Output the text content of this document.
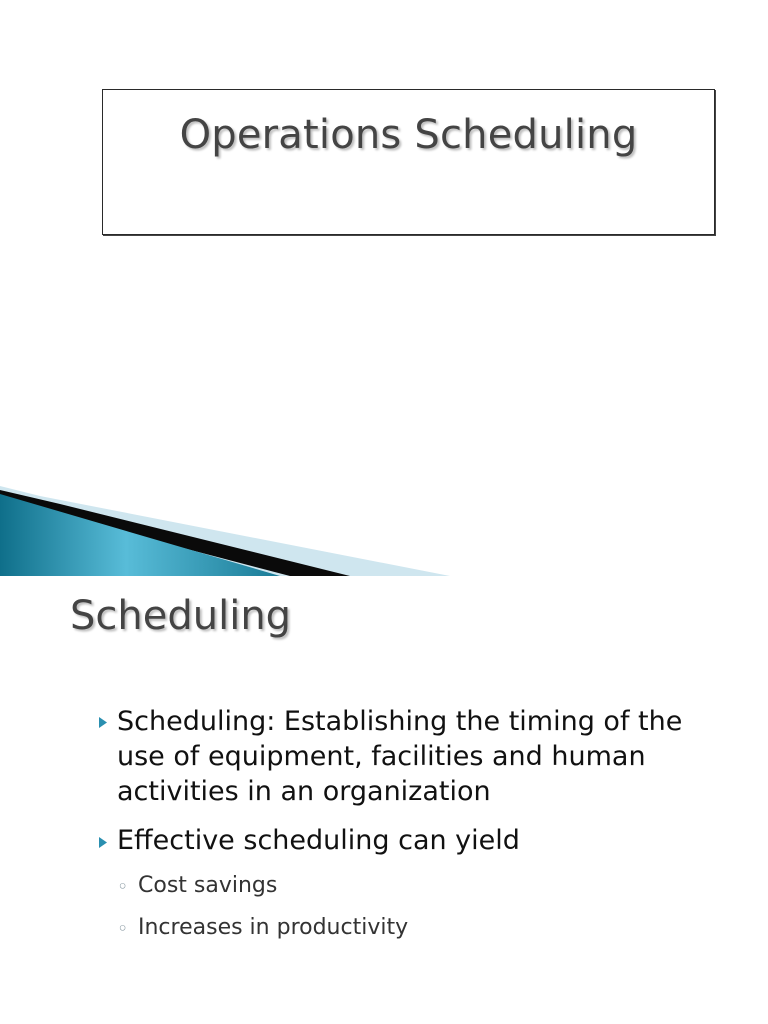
Operations Scheduling
Scheduling
Scheduling: Establishing the timing of the
use of equipment, facilities and human
activities in an organization
Effective scheduling can yield
◦ Cost savings
◦ Increases in productivity
